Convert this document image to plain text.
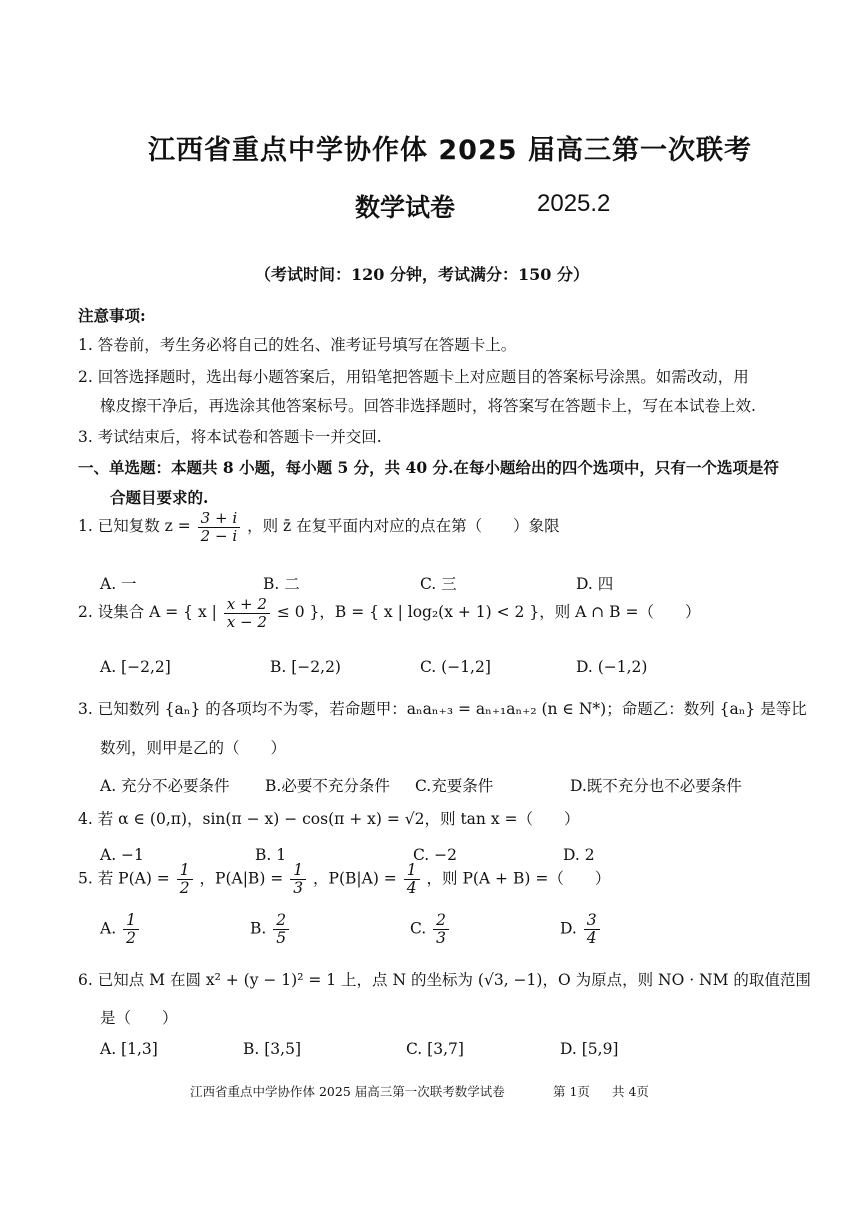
江西省重点中学协作体 2025 届高三第一次联考
数学试卷	2025.2
（考试时间：120 分钟，考试满分：150 分）
注意事项:
1. 答卷前，考生务必将自己的姓名、准考证号填写在答题卡上。
2. 回答选择题时，选出每小题答案后，用铅笔把答题卡上对应题目的答案标号涂黑。如需改动，用
橡皮擦干净后，再选涂其他答案标号。回答非选择题时，将答案写在答题卡上，写在本试卷上效.
3. 考试结束后，将本试卷和答题卡一并交回.
一、单选题：本题共 8 小题，每小题 5 分，共 40 分.在每小题给出的四个选项中，只有一个选项是符
合题目要求的.
1. 已知复数 $z = \frac{3 + i}{2 - i}$ ，则 z̄ 在复平面内对应的点在第（　　）象限
A. 一	B. 二	C. 三	D. 四
2. 设集合 A = { x | $\frac{x + 2}{x - 2} \le 0$ }，B = { x | log₂(x + 1) < 2 }，则 A ∩ B =（　　）
A. [−2,2]	B. [−2,2)	C. (−1,2]	D. (−1,2)
3. 已知数列 {aₙ} 的各项均不为零，若命题甲：aₙaₙ₊₃ = aₙ₊₁aₙ₊₂ (n ∈ N*)；命题乙：数列 {aₙ} 是等比
数列，则甲是乙的（　　）
A. 充分不必要条件 B.必要不充分条件 C.充要条件	D.既不充分也不必要条件
4. 若 α ∈ (0,π)，sin(π − x) − cos(π + x) = √2，则 tan x =（　　）
A. −1	B. 1	C. −2	D. 2
5. 若 $P(A) = \frac{1}{2}$ ，$P(A|B) = \frac{1}{3}$ ，$P(B|A) = \frac{1}{4}$ ，则 P(A + B) =（　　）
A. $\frac{1}{2}$	B. $\frac{2}{5}$	C. $\frac{2}{3}$	D. $\frac{3}{4}$
6. 已知点 M 在圆 x² + (y − 1)² = 1 上，点 N 的坐标为 (√3, −1)，O 为原点，则 NO · NM 的取值范围
是（　　）
A. [1,3]	B. [3,5]	C. [3,7]	D. [5,9]
江西省重点中学协作体 2025 届高三第一次联考数学试卷	第 1页 共 4页
